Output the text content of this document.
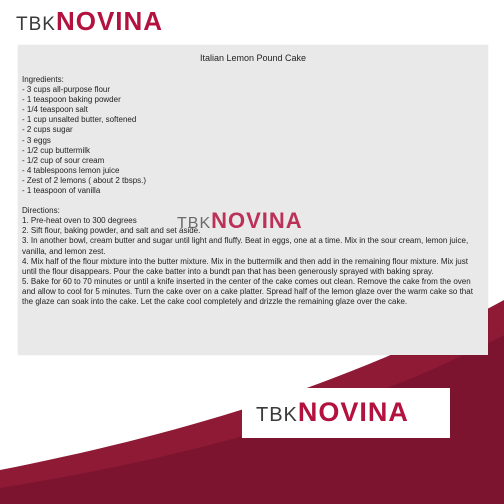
TBKNOVINA
Italian Lemon Pound Cake
Ingredients:
- 3 cups all-purpose flour
- 1 teaspoon baking powder
- 1/4 teaspoon salt
- 1 cup unsalted butter, softened
- 2 cups sugar
- 3 eggs
- 1/2 cup buttermilk
- 1/2 cup of sour cream
- 4 tablespoons lemon juice
- Zest of 2 lemons ( about 2 tbsps.)
- 1 teaspoon of vanilla
Directions:
1. Pre-heat oven to 300 degrees
2. Sift flour, baking powder, and salt and set aside.
3. In another bowl, cream butter and sugar until light and fluffy. Beat in eggs, one at a time. Mix in the sour cream, lemon juice, vanilla, and lemon zest.
4. Mix half of the flour mixture into the butter mixture. Mix in the buttermilk and then add in the remaining flour mixture. Mix just until the flour disappears. Pour the cake batter into a bundt pan that has been generously sprayed with baking spray.
5. Bake for 60 to 70 minutes or until a knife inserted in the center of the cake comes out clean. Remove the cake from the oven and allow to cool for 5 minutes. Turn the cake over on a cake platter. Spread half of the lemon glaze over the warm cake so that the glaze can soak into the cake. Let the cake cool completely and drizzle the remaining glaze over the cake.
TBKNOVINA
TBKNOVINA
